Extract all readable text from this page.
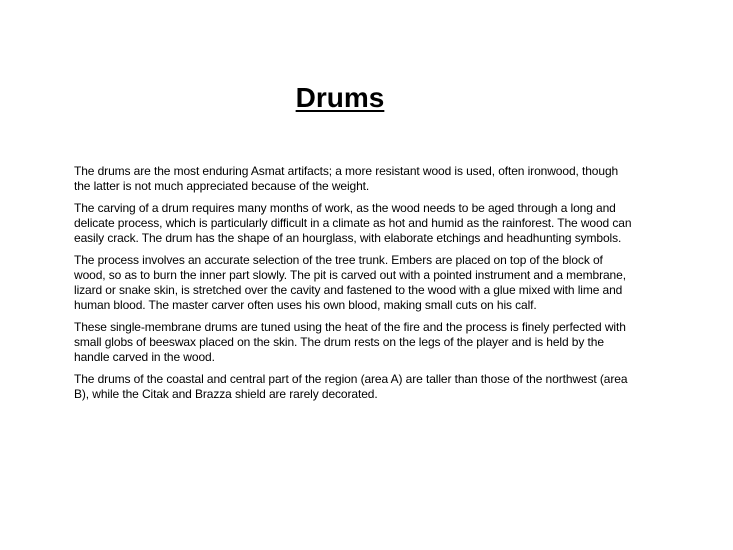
Drums

The drums are the most enduring Asmat artifacts; a more resistant wood is used, often ironwood, though the latter is not much appreciated because of the weight.

The carving of a drum requires many months of work, as the wood needs to be aged through a long and delicate process, which is particularly difficult in a climate as hot and humid as the rainforest. The wood can easily crack. The drum has the shape of an hourglass, with elaborate etchings and headhunting symbols.

The process involves an accurate selection of the tree trunk. Embers are placed on top of the block of wood, so as to burn the inner part slowly. The pit is carved out with a pointed instrument and a membrane, lizard or snake skin, is stretched over the cavity and fastened to the wood with a glue mixed with lime and human blood. The master carver often uses his own blood, making small cuts on his calf.

These single-membrane drums are tuned using the heat of the fire and the process is finely perfected with small globs of beeswax placed on the skin. The drum rests on the legs of the player and is held by the handle carved in the wood.

The drums of the coastal and central part of the region (area A) are taller than those of the northwest (area B), while the Citak and Brazza shield are rarely decorated.
